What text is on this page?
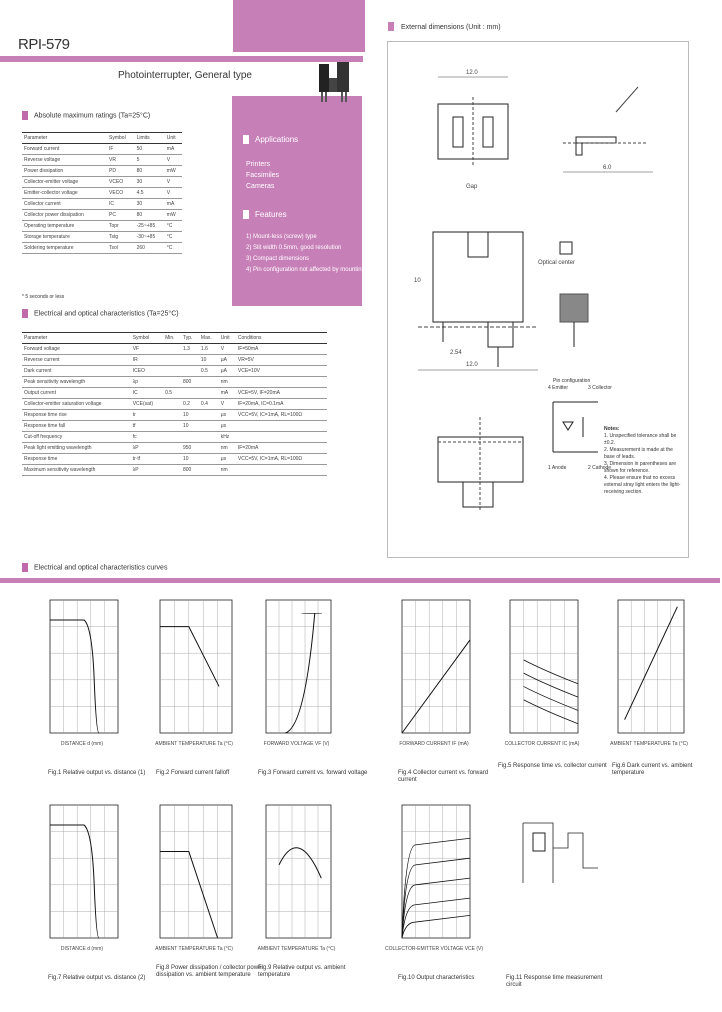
RPI-579
Photointerrupter, General type
Absolute maximum ratings (Ta=25°C)
Parameter	Symbol	Limits	Unit
Forward current	IF	50	mA
Reverse voltage	VR	5	V
Power dissipation	PD	80	mW
Collector-emitter voltage	VCEO	30	V
Emitter-collector voltage	VECO	4.5	V
Collector current	IC	30	mA
Collector power dissipation	PC	80	mW
Operating temperature	Topr	-25~+85	°C
Storage temperature	Tstg	-30~+85	°C
Soldering temperature	Tsol	260	°C
* 5 seconds or less
Applications
Printers
Facsimiles
Cameras
Features
1) Mount-less (screw) type
2) Slit width 0.5mm, good resolution
3) Compact dimensions
4) Pin configuration not affected by mounting
Electrical and optical characteristics (Ta=25°C)
Parameter	Symbol	Min.	Typ.	Max.	Unit	Conditions
Forward voltage	VF		1.3	1.6	V	IF=50mA
Reverse current	IR			10	μA	VR=5V
Dark current	ICEO			0.5	μA	VCE=10V
Peak sensitivity wavelength	λp		800		nm	
Output current	IC	0.5			mA	VCE=5V, IF=20mA
Collector-emitter saturation voltage	VCE(sat)		0.2	0.4	V	IF=20mA, IC=0.1mA
Response time rise	tr		10		μs	VCC=5V, IC=1mA, RL=100Ω
Response time fall	tf		10		μs	
Cut-off frequency	fc				kHz	
Peak light emitting wavelength	λP		950		nm	IF=20mA
Response time	tr·tf		10		μs	VCC=5V, IC=1mA, RL=100Ω
Maximum sensitivity wavelength	λP		800		nm	
External dimensions (Unit : mm)
12.0
Gap
10
Optical center
12.0
2.54
6.0
Pin configuration
1 Anode	2 Cathode
3 Collector
4 Emitter
Notes:
1. Unspecified tolerance shall be ±0.2.
2. Measurement is made at the base of leads.
3. Dimension in parentheses are shown for reference.
4. Please ensure that no excess external stray light enters the light-receiving section.
Electrical and optical characteristics curves
DISTANCE d (mm)	AMBIENT TEMPERATURE Ta (°C)	FORWARD VOLTAGE VF (V)	FORWARD CURRENT IF (mA)	COLLECTOR CURRENT IC (mA)	AMBIENT TEMPERATURE Ta (°C)
DISTANCE d (mm)	AMBIENT TEMPERATURE Ta (°C)	AMBIENT TEMPERATURE Ta (°C)	COLLECTOR-EMITTER VOLTAGE VCE (V)
Fig.1 Relative output vs. distance (1)	Fig.2 Forward current falloff	Fig.3 Forward current vs. forward voltage	Fig.4 Collector current vs. forward current
Fig.5 Response time vs. collector current Fig.6 Dark current vs. ambient temperature
Fig.7 Relative output vs. distance (2)
Fig.8 Power dissipation / collector power dissipation vs. ambient temperature
Fig.9 Relative output vs. ambient temperature	Fig.10 Output characteristics	Fig.11 Response time measurement circuit
